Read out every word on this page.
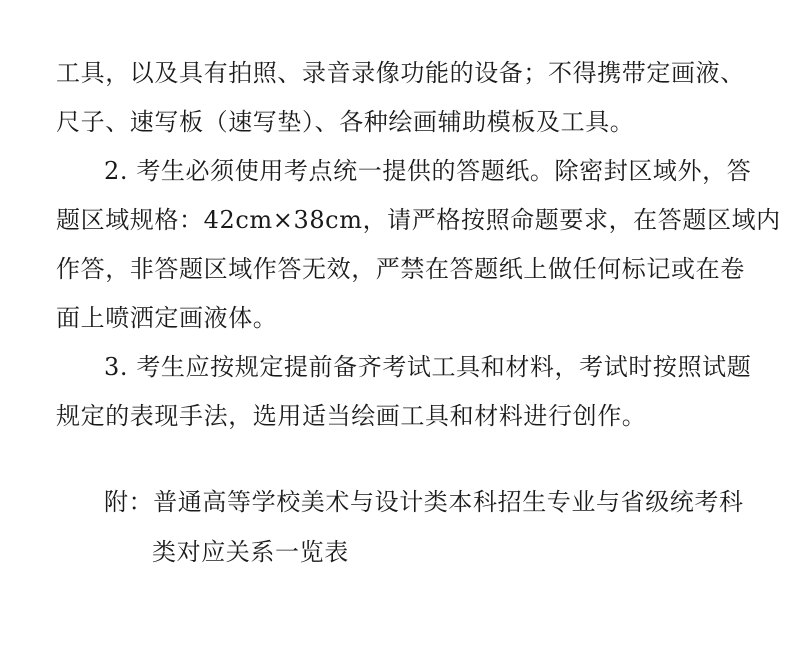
工具，以及具有拍照、录音录像功能的设备；不得携带定画液、
尺子、速写板（速写垫）、各种绘画辅助模板及工具。
2. 考生必须使用考点统一提供的答题纸。除密封区域外，答
题区域规格：42cm×38cm，请严格按照命题要求，在答题区域内
作答，非答题区域作答无效，严禁在答题纸上做任何标记或在卷
面上喷洒定画液体。
3. 考生应按规定提前备齐考试工具和材料，考试时按照试题
规定的表现手法，选用适当绘画工具和材料进行创作。
附：普通高等学校美术与设计类本科招生专业与省级统考科
类对应关系一览表
